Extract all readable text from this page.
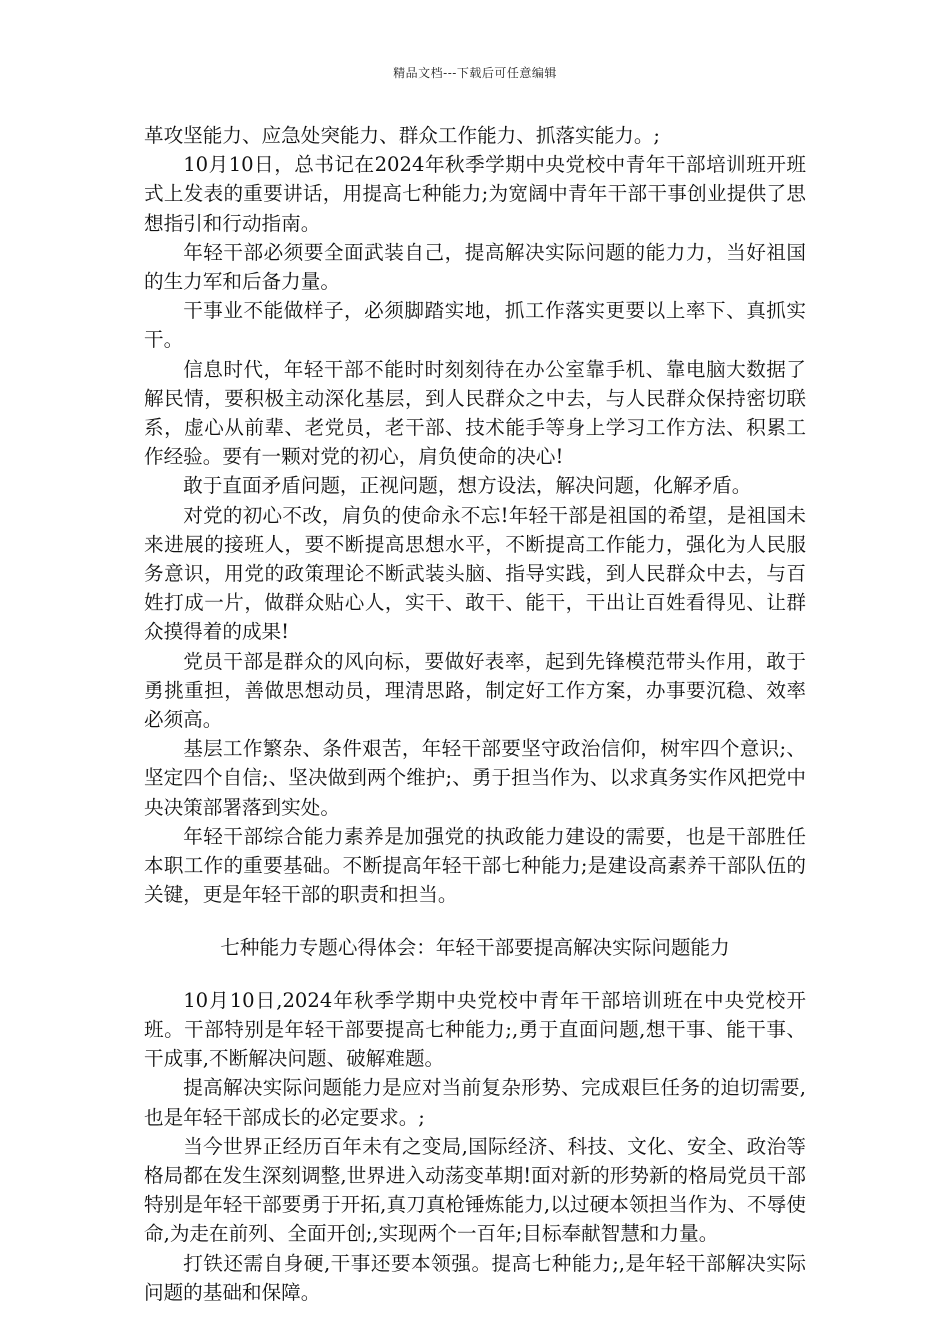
精品文档---下载后可任意编辑

革攻坚能力、应急处突能力、群众工作能力、抓落实能力。;

10月10日，总书记在2024年秋季学期中央党校中青年干部培训班开班式上发表的重要讲话，用提高七种能力;为宽阔中青年干部干事创业提供了思想指引和行动指南。

年轻干部必须要全面武装自己，提高解决实际问题的能力力，当好祖国的生力军和后备力量。

干事业不能做样子，必须脚踏实地，抓工作落实更要以上率下、真抓实干。

信息时代，年轻干部不能时时刻刻待在办公室靠手机、靠电脑大数据了解民情，要积极主动深化基层，到人民群众之中去，与人民群众保持密切联系，虚心从前辈、老党员，老干部、技术能手等身上学习工作方法、积累工作经验。要有一颗对党的初心，肩负使命的决心!

敢于直面矛盾问题，正视问题，想方设法，解决问题，化解矛盾。

对党的初心不改，肩负的使命永不忘!年轻干部是祖国的希望，是祖国未来进展的接班人，要不断提高思想水平，不断提高工作能力，强化为人民服务意识，用党的政策理论不断武装头脑、指导实践，到人民群众中去，与百姓打成一片，做群众贴心人，实干、敢干、能干，干出让百姓看得见、让群众摸得着的成果!

党员干部是群众的风向标，要做好表率，起到先锋模范带头作用，敢于勇挑重担，善做思想动员，理清思路，制定好工作方案，办事要沉稳、效率必须高。

基层工作繁杂、条件艰苦，年轻干部要坚守政治信仰，树牢四个意识;、坚定四个自信;、坚决做到两个维护;、勇于担当作为、以求真务实作风把党中央决策部署落到实处。

年轻干部综合能力素养是加强党的执政能力建设的需要，也是干部胜任本职工作的重要基础。不断提高年轻干部七种能力;是建设高素养干部队伍的关键，更是年轻干部的职责和担当。

七种能力专题心得体会：年轻干部要提高解决实际问题能力

10月10日,2024年秋季学期中央党校中青年干部培训班在中央党校开班。干部特别是年轻干部要提高七种能力;,勇于直面问题,想干事、能干事、干成事,不断解决问题、破解难题。

提高解决实际问题能力是应对当前复杂形势、完成艰巨任务的迫切需要,也是年轻干部成长的必定要求。;

当今世界正经历百年未有之变局,国际经济、科技、文化、安全、政治等格局都在发生深刻调整,世界进入动荡变革期!面对新的形势新的格局党员干部特别是年轻干部要勇于开拓,真刀真枪锤炼能力,以过硬本领担当作为、不辱使命,为走在前列、全面开创;,实现两个一百年;目标奉献智慧和力量。

打铁还需自身硬,干事还要本领强。提高七种能力;,是年轻干部解决实际问题的基础和保障。
